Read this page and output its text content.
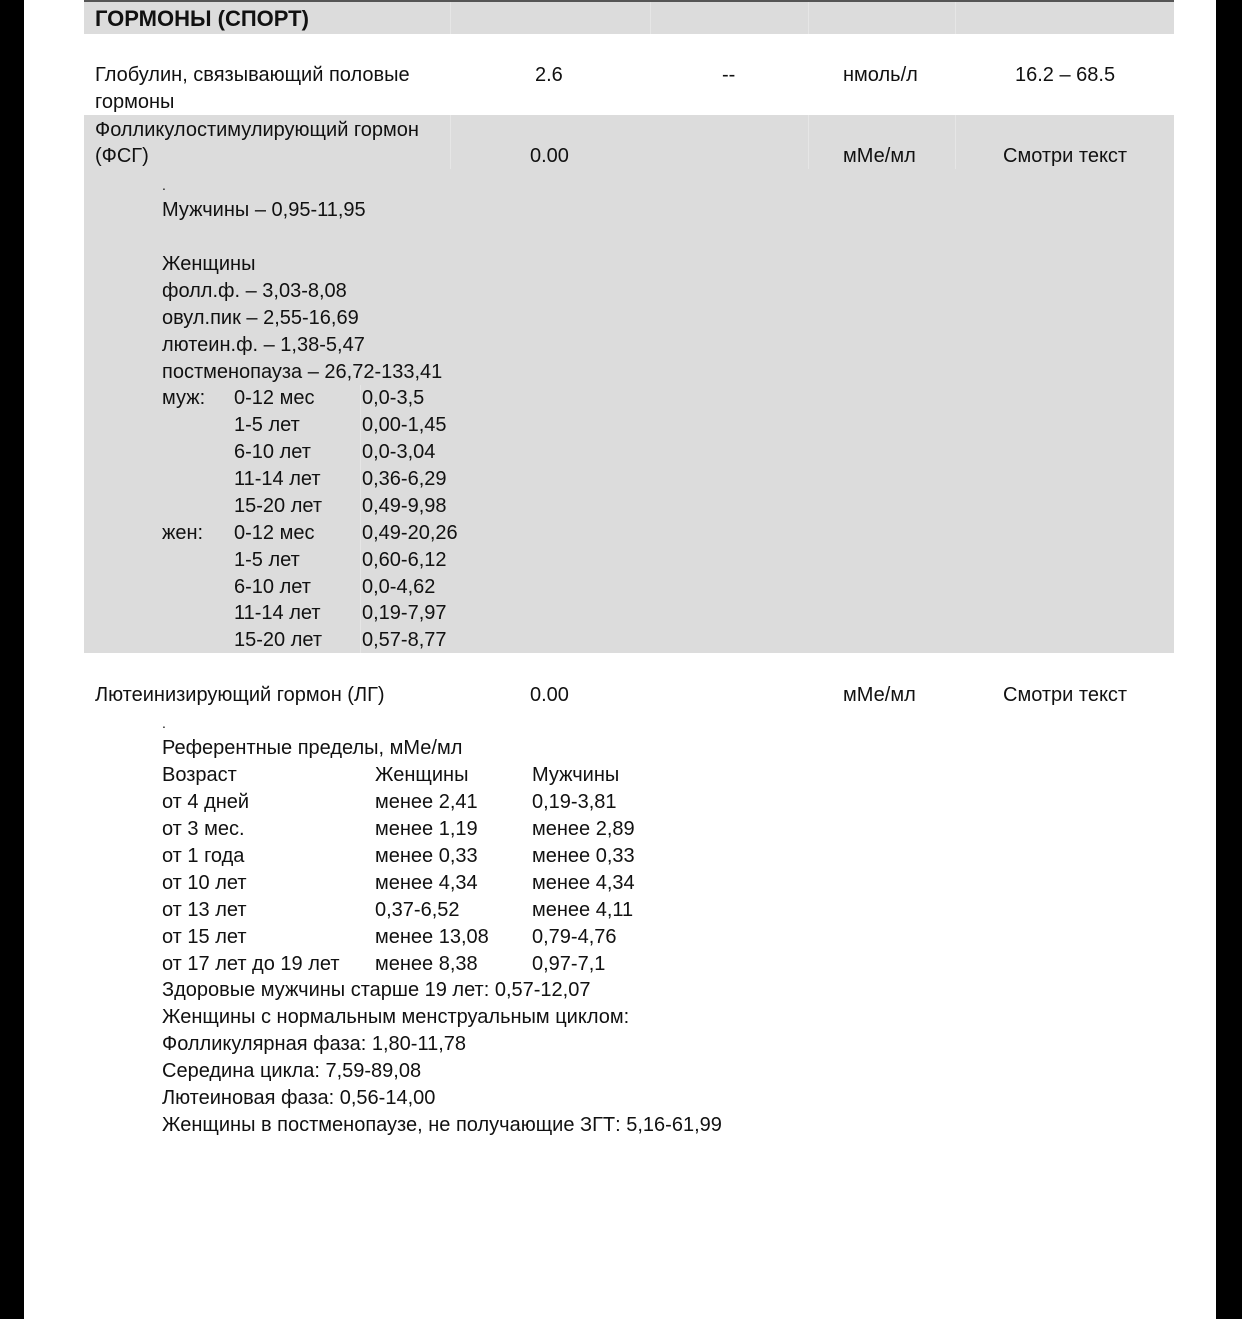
ГОРМОНЫ (СПОРТ)
Глобулин, связывающий половые
гормоны
2.6	--	нмоль/л	16.2 – 68.5
Фолликулостимулирующий гормон
(ФСГ)	0.00	мМе/мл	Смотри текст
.
Мужчины – 0,95-11,95
Женщины
фолл.ф. – 3,03-8,08
овул.пик – 2,55-16,69
лютеин.ф. – 1,38-5,47
постменопауза – 26,72-133,41
муж: 0-12 мес 0,0-3,5
1-5 лет	0,00-1,45
6-10 лет	0,0-3,04
11-14 лет 0,36-6,29
15-20 лет 0,49-9,98
жен: 0-12 мес 0,49-20,26
1-5 лет	0,60-6,12
6-10 лет	0,0-4,62
11-14 лет 0,19-7,97
15-20 лет 0,57-8,77
Лютеинизирующий гормон (ЛГ)	0.00	мМе/мл	Смотри текст
.
Референтные пределы, мМе/мл
Возраст	Женщины	Мужчины
от 4 дней	менее 2,41	0,19-3,81
от 3 мес.	менее 1,19	менее 2,89
от 1 года	менее 0,33	менее 0,33
от 10 лет	менее 4,34	менее 4,34
от 13 лет	0,37-6,52	менее 4,11
от 15 лет	менее 13,08 0,79-4,76
от 17 лет до 19 лет менее 8,38	0,97-7,1
Здоровые мужчины старше 19 лет: 0,57-12,07
Женщины с нормальным менструальным циклом:
Фолликулярная фаза: 1,80-11,78
Середина цикла: 7,59-89,08
Лютеиновая фаза: 0,56-14,00
Женщины в постменопаузе, не получающие ЗГТ: 5,16-61,99
